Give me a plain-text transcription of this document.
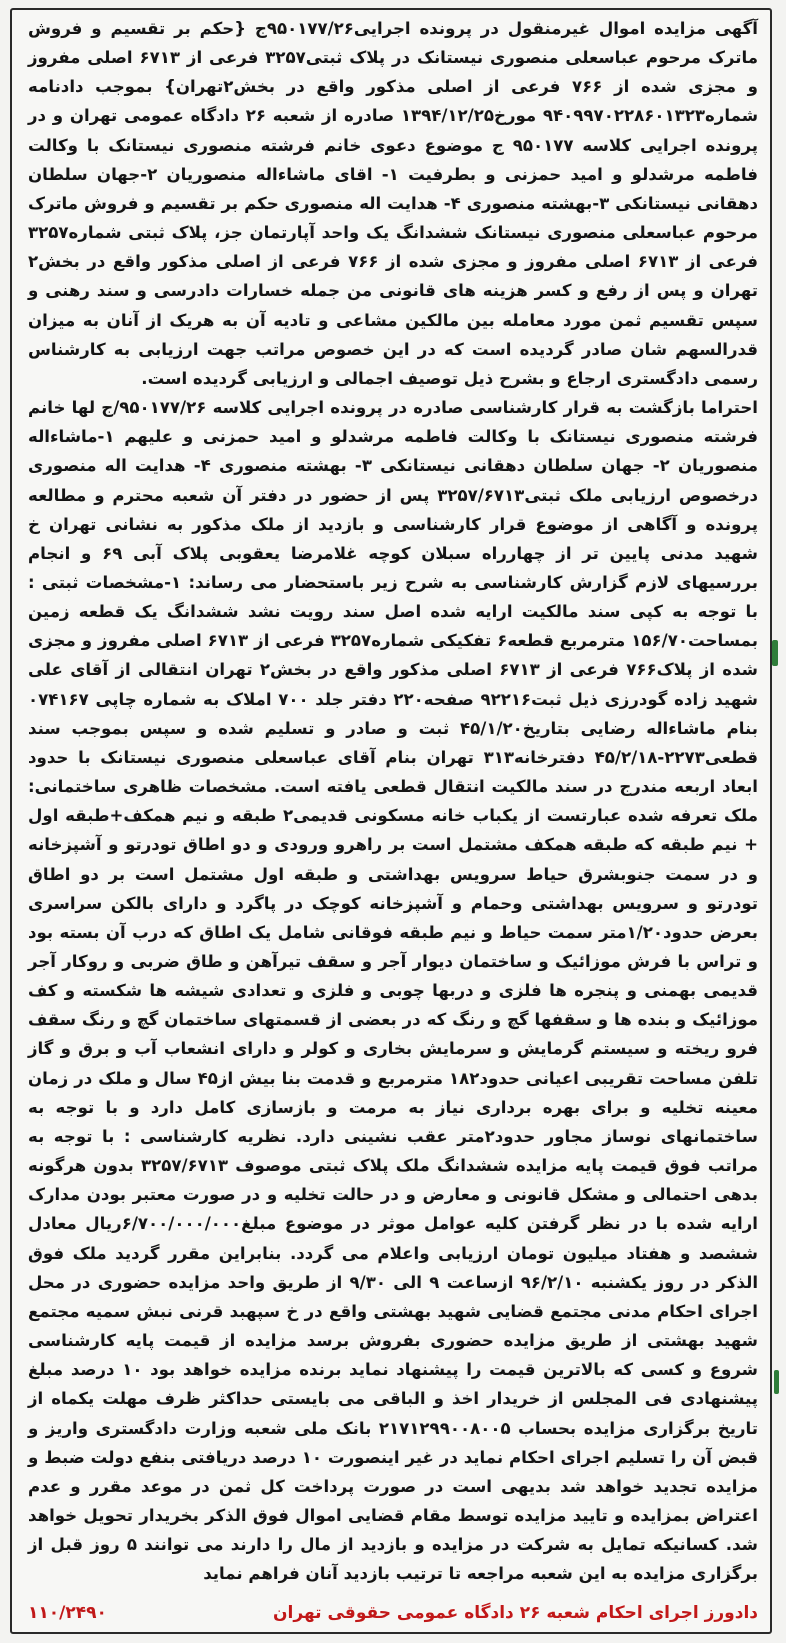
آگهی مزایده اموال غیرمنقول در پرونده اجرایی۹۵۰۱۷۷/۲۶ج {حکم بر تقسیم و فروش ماترک مرحوم عباسعلی منصوری نیستانک در پلاک ثبتی۳۲۵۷ فرعی از ۶۷۱۳ اصلی مفروز و مجزی شده از ۷۶۶ فرعی از اصلی مذکور واقع در بخش۲تهران} بموجب دادنامه شماره۹۴۰۹۹۷۰۲۲۸۶۰۱۳۲۳ مورخ۱۳۹۴/۱۲/۲۵ صادره از شعبه ۲۶ دادگاه عمومی تهران و در پرونده اجرایی کلاسه ۹۵۰۱۷۷ ج موضوع دعوی خانم فرشته منصوری نیستانک با وکالت فاطمه مرشدلو و امید حمزنی و بطرفیت ۱- اقای ماشاءاله منصوریان ۲-جهان سلطان دهقانی نیستانکی ۳-بهشته منصوری ۴- هدایت اله منصوری حکم بر تقسیم و فروش ماترک مرحوم عباسعلی منصوری نیستانک ششدانگ یک واحد آپارتمان جز، پلاک ثبتی شماره۳۲۵۷ فرعی از ۶۷۱۳ اصلی مفروز و مجزی شده از ۷۶۶ فرعی از اصلی مذکور واقع در بخش۲ تهران و پس از رفع و کسر هزینه های قانونی من جمله خسارات دادرسی و سند رهنی و سپس تقسیم ثمن مورد معامله بین مالکین مشاعی و تادیه آن به هریک از آنان به میزان قدرالسهم شان صادر گردیده است که در این خصوص مراتب جهت ارزیابی به کارشناس رسمی دادگستری ارجاع و بشرح ذیل توصیف اجمالی و ارزیابی گردیده است.

احتراما بازگشت به قرار کارشناسی صادره در پرونده اجرایی کلاسه ۹۵۰۱۷۷/۲۶/ج لها خانم فرشته منصوری نیستانک با وکالت فاطمه مرشدلو و امید حمزنی و علیهم ۱-ماشاءاله منصوریان ۲- جهان سلطان دهقانی نیستانکی ۳- بهشته منصوری ۴- هدایت اله منصوری درخصوص ارزیابی ملک ثبتی۳۲۵۷/۶۷۱۳ پس از حضور در دفتر آن شعبه محترم و مطالعه پرونده و آگاهی از موضوع قرار کارشناسی و بازدید از ملک مذکور به نشانی تهران خ شهید مدنی پایین تر از چهارراه سبلان کوچه غلامرضا یعقوبی پلاک آبی ۶۹ و انجام بررسیهای لازم گزارش کارشناسی به شرح زیر باستحضار می رساند: ۱-مشخصات ثبتی : با توجه به کپی سند مالکیت ارایه شده اصل سند رویت نشد ششدانگ یک قطعه زمین بمساحت۱۵۶/۷۰ مترمربع قطعه۶ تفکیکی شماره۳۲۵۷ فرعی از ۶۷۱۳ اصلی مفروز و مجزی شده از پلاک۷۶۶ فرعی از ۶۷۱۳ اصلی مذکور واقع در بخش۲ تهران انتقالی از آقای علی شهید زاده گودرزی ذیل ثبت۹۲۲۱۶ صفحه۲۲۰ دفتر جلد ۷۰۰ املاک به شماره چاپی ۰۷۴۱۶۷ بنام ماشاءاله رضایی بتاریخ۴۵/۱/۲۰ ثبت و صادر و تسلیم شده و سپس بموجب سند قطعی۲۲۷۳-۴۵/۲/۱۸ دفترخانه۳۱۳ تهران بنام آقای عباسعلی منصوری نیستانک با حدود ابعاد اربعه مندرج در سند مالکیت انتقال قطعی یافته است. مشخصات ظاهری ساختمانی: ملک تعرفه شده عبارتست از یکباب خانه مسکونی قدیمی۲ طبقه و نیم همکف+طبقه اول + نیم طبقه که طبقه همکف مشتمل است بر راهرو ورودی و دو اطاق تودرتو و آشپزخانه و در سمت جنوبشرق حیاط سرویس بهداشتی و طبقه اول مشتمل است بر دو اطاق تودرتو و سرویس بهداشتی وحمام و آشپزخانه کوچک در پاگرد و دارای بالکن سراسری بعرض حدود۱/۲۰متر سمت حیاط و نیم طبقه فوقانی شامل یک اطاق که درب آن بسته بود و تراس با فرش موزائیک و ساختمان دیوار آجر و سقف تیرآهن و طاق ضربی و روکار آجر قدیمی بهمنی و پنجره ها فلزی و دربها چوبی و فلزی و تعدادی شیشه ها شکسته و کف موزائیک و بنده ها و سقفها گچ و رنگ که در بعضی از قسمتهای ساختمان گچ و رنگ سقف فرو ریخته و سیستم گرمایش و سرمایش بخاری و کولر و دارای انشعاب آب و برق و گاز تلفن مساحت تقریبی اعیانی حدود۱۸۲ مترمربع و قدمت بنا بیش از۴۵ سال و ملک در زمان معینه تخلیه و برای بهره برداری نیاز به مرمت و بازسازی کامل دارد و با توجه به ساختمانهای نوساز مجاور حدود۲متر عقب نشینی دارد. نظریه کارشناسی : با توجه به مراتب فوق قیمت پایه مزایده ششدانگ ملک پلاک ثبتی موصوف ۳۲۵۷/۶۷۱۳ بدون هرگونه بدهی احتمالی و مشکل قانونی و معارض و در حالت تخلیه و در صورت معتبر بودن مدارک ارایه شده با در نظر گرفتن کلیه عوامل موثر در موضوع مبلغ۶/۷۰۰/۰۰۰/۰۰۰ریال معادل ششصد و هفتاد میلیون تومان ارزیابی واعلام می گردد. بنابراین مقرر گردید ملک فوق الذکر در روز یکشنبه ۹۶/۲/۱۰ ازساعت ۹ الی ۹/۳۰ از طریق واحد مزایده حضوری در محل اجرای احکام مدنی مجتمع قضایی شهید بهشتی واقع در خ سپهبد قرنی نبش سمیه مجتمع شهید بهشتی از طریق مزایده حضوری بفروش برسد مزایده از قیمت پایه کارشناسی شروع و کسی که بالاترین قیمت را پیشنهاد نماید برنده مزایده خواهد بود ۱۰ درصد مبلغ پیشنهادی فی المجلس از خریدار اخذ و الباقی می بایستی حداکثر ظرف مهلت یکماه از تاریخ برگزاری مزایده بحساب ۲۱۷۱۲۹۹۰۰۸۰۰۵ بانک ملی شعبه وزارت دادگستری واریز و قبض آن را تسلیم اجرای احکام نماید در غیر اینصورت ۱۰ درصد دریافتی بنفع دولت ضبط و مزایده تجدید خواهد شد بدیهی است در صورت پرداخت کل ثمن در موعد مقرر و عدم اعتراض بمزایده و تایید مزایده توسط مقام قضایی اموال فوق الذکر بخریدار تحویل خواهد شد. کسانیکه تمایل به شرکت در مزایده و بازدید از مال را دارند می توانند ۵ روز قبل از برگزاری مزایده به این شعبه مراجعه تا ترتیب بازدید آنان فراهم نماید

دادورز اجرای احکام شعبه ۲۶ دادگاه عمومی حقوقی تهران
۱۱۰/۲۴۹۰
